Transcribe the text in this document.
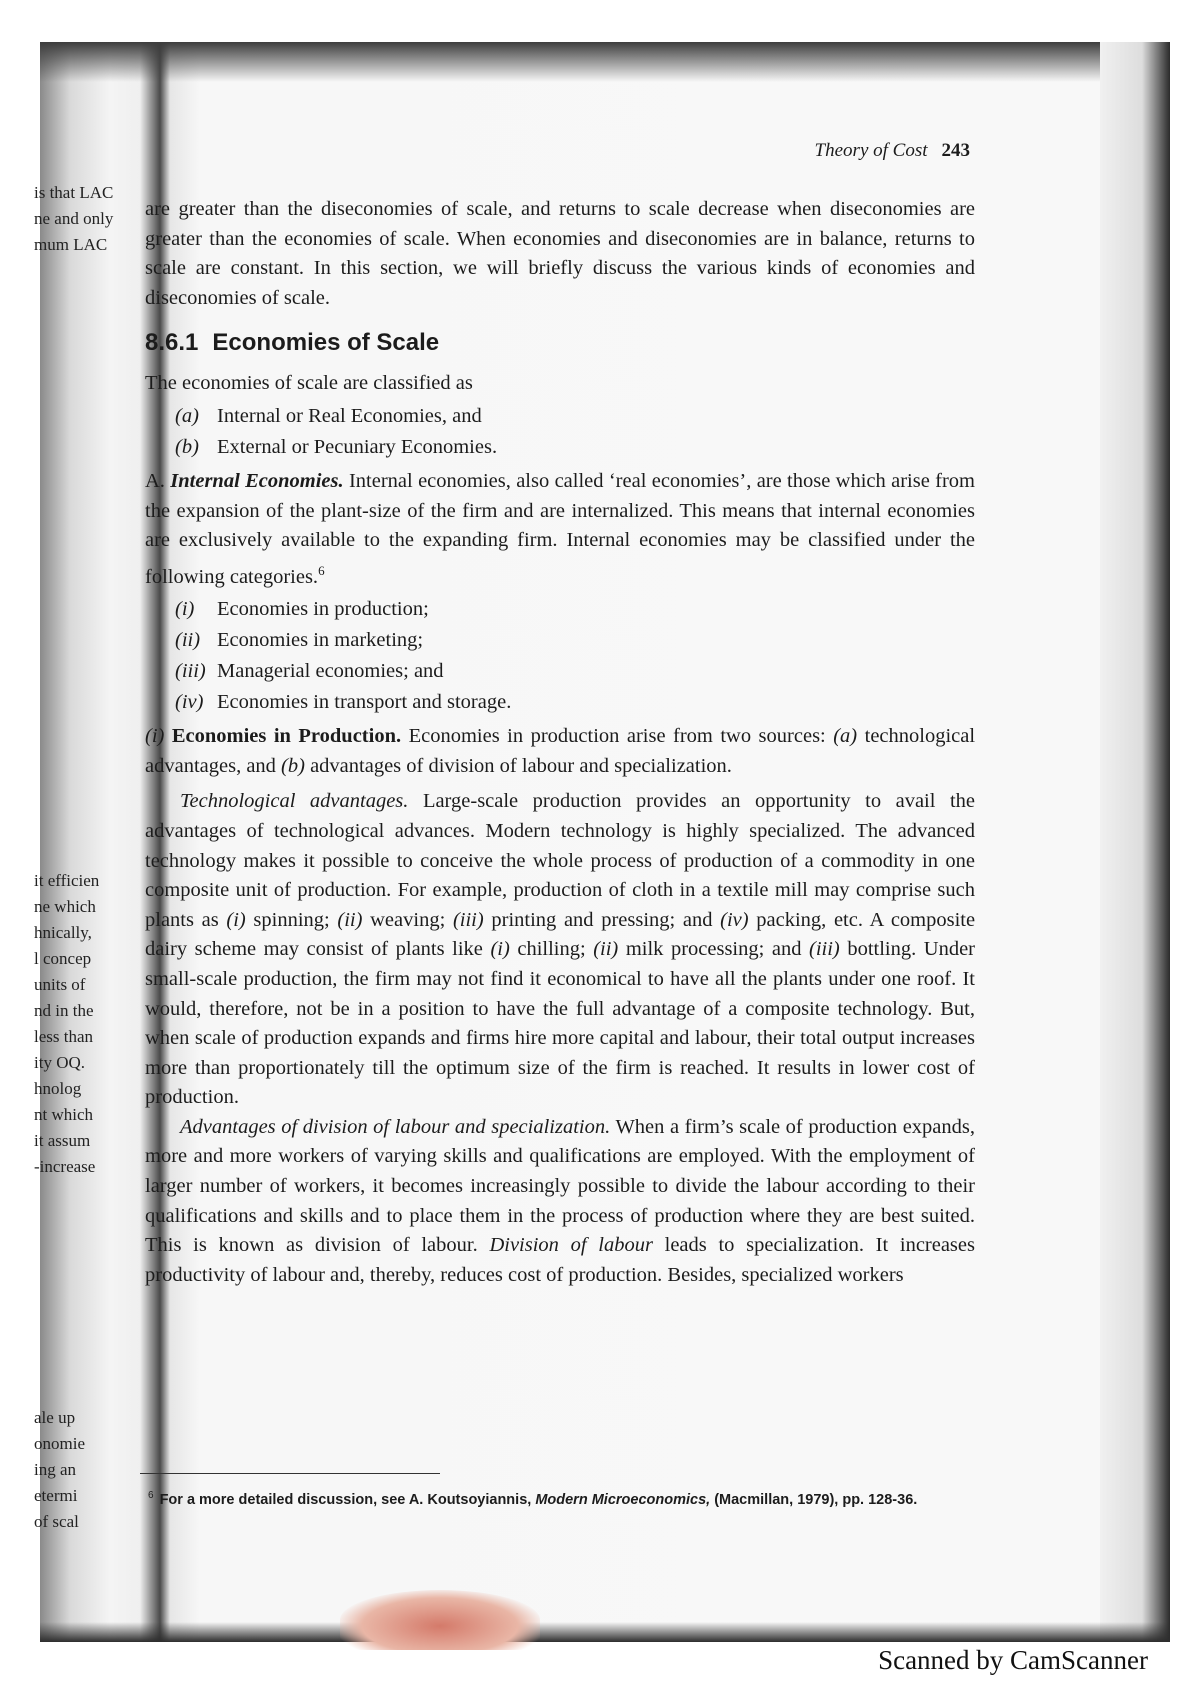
is that LAC
ne and only
mum LAC
it efficien
ne which
hnically,
l concep
units of
nd in the
less than
ity OQ.
hnolog
nt which
it assum
-increase
ale up
onomie
ing an
etermi
of scal
Theory of Cost 243

are greater than the diseconomies of scale, and returns to scale decrease when diseconomies are greater than the economies of scale. When economies and diseconomies are in balance, returns to scale are constant. In this section, we will briefly discuss the various kinds of economies and diseconomies of scale.

8.6.1 Economies of Scale

The economies of scale are classified as

(a) Internal or Real Economies, and
(b) External or Pecuniary Economies.

A. Internal Economies. Internal economies, also called ‘real economies’, are those which arise from the expansion of the plant-size of the firm and are internalized. This means that internal economies are exclusively available to the expanding firm. Internal economies may be classified under the following categories.$^6$

(i)	Economies in production;
(ii) Economies in marketing;
(iii) Managerial economies; and
(iv) Economies in transport and storage.

(i) Economies in Production. Economies in production arise from two sources: (a) technological advantages, and (b) advantages of division of labour and specialization.

Technological advantages. Large-scale production provides an opportunity to avail the advantages of technological advances. Modern technology is highly specialized. The advanced technology makes it possible to conceive the whole process of production of a commodity in one composite unit of production. For example, production of cloth in a textile mill may comprise such plants as (i) spinning; (ii) weaving; (iii) printing and pressing; and (iv) packing, etc. A composite dairy scheme may consist of plants like (i) chilling; (ii) milk processing; and (iii) bottling. Under small-scale production, the firm may not find it economical to have all the plants under one roof. It would, therefore, not be in a position to have the full advantage of a composite technology. But, when scale of production expands and firms hire more capital and labour, their total output increases more than proportionately till the optimum size of the firm is reached. It results in lower cost of production.

Advantages of division of labour and specialization. When a firm’s scale of production expands, more and more workers of varying skills and qualifications are employed. With the employment of larger number of workers, it becomes increasingly possible to divide the labour according to their qualifications and skills and to place them in the process of production where they are best suited. This is known as division of labour. Division of labour leads to specialization. It increases productivity of labour and, thereby, reduces cost of production. Besides, specialized workers

$^6$ For a more detailed discussion, see A. Koutsoyiannis, Modern Microeconomics, (Macmillan, 1979), pp. 128-36.
Scanned by CamScanner
